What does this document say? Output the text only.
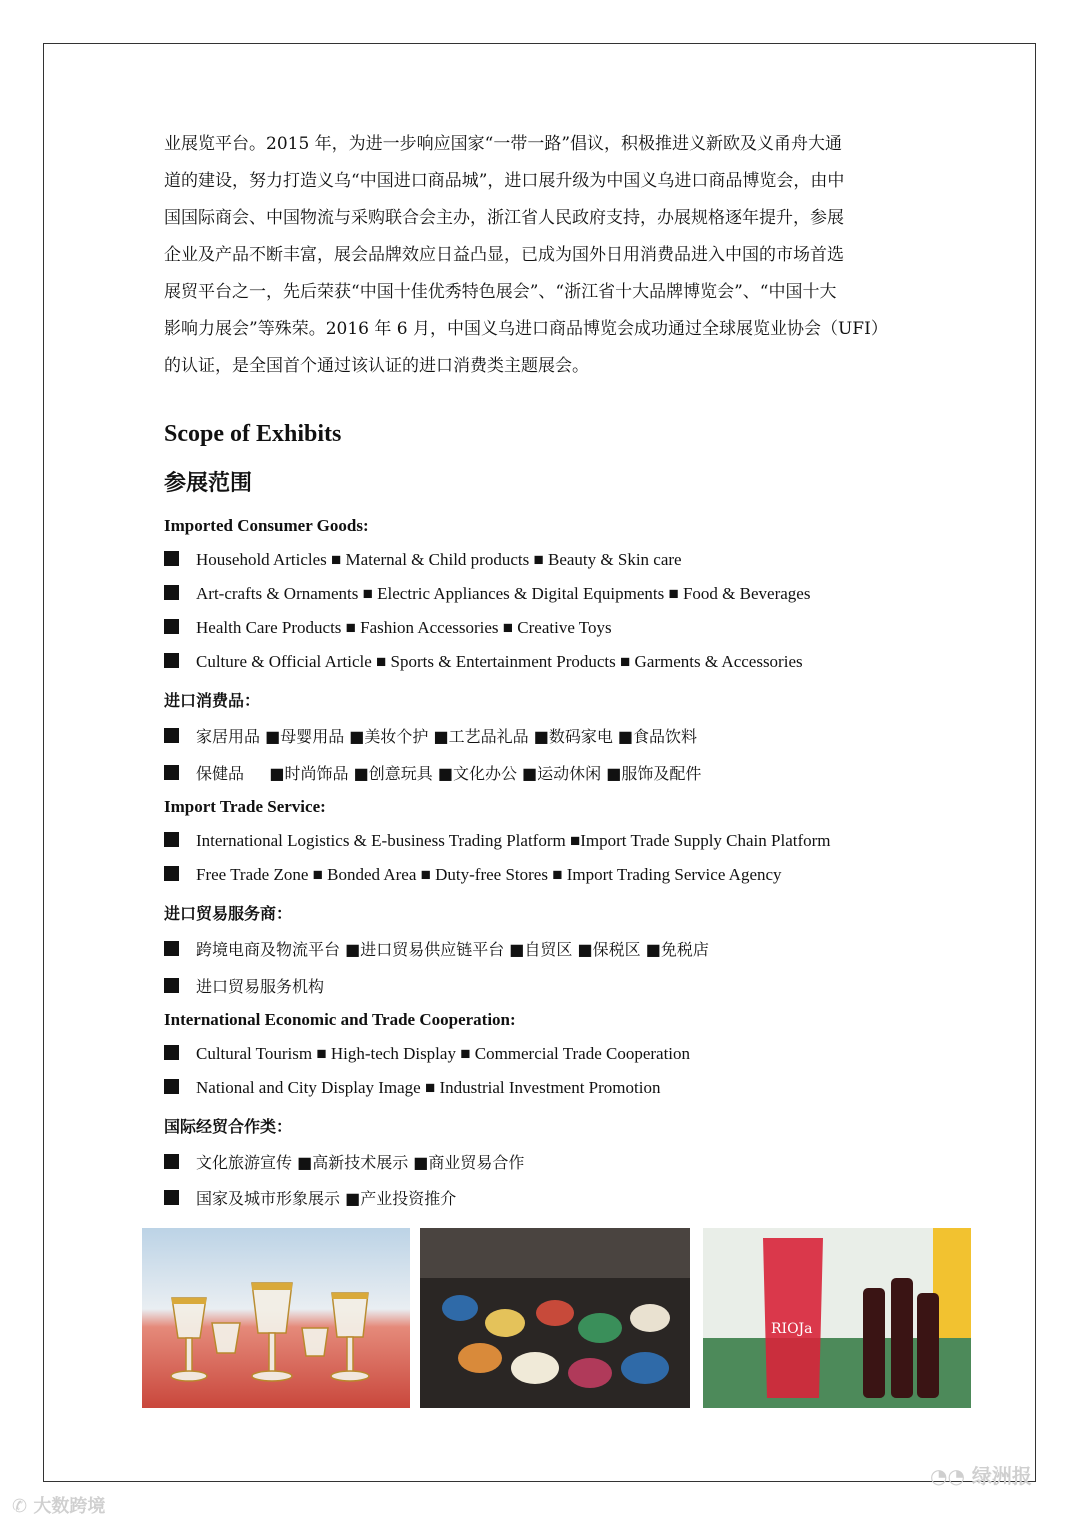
业展览平台。2015 年，为进一步响应国家“一带一路”倡议，积极推进义新欧及义甬舟大通
道的建设，努力打造义乌“中国进口商品城”，进口展升级为中国义乌进口商品博览会，由中
国国际商会、中国物流与采购联合会主办，浙江省人民政府支持，办展规格逐年提升，参展
企业及产品不断丰富，展会品牌效应日益凸显，已成为国外日用消费品进入中国的市场首选
展贸平台之一，先后荣获“中国十佳优秀特色展会”、“浙江省十大品牌博览会”、“中国十大
影响力展会”等殊荣。2016 年 6 月，中国义乌进口商品博览会成功通过全球展览业协会（UFI）
的认证，是全国首个通过该认证的进口消费类主题展会。

Scope of Exhibits
参展范围

Imported Consumer Goods:

Household Articles ■ Maternal & Child products ■ Beauty & Skin care

Art-crafts & Ornaments ■ Electric Appliances & Digital Equipments ■ Food & Beverages

Health Care Products ■ Fashion Accessories ■ Creative Toys

Culture & Official Article ■ Sports & Entertainment Products ■ Garments & Accessories

进口消费品：

家居用品 ■母婴用品 ■美妆个护 ■工艺品礼品 ■数码家电 ■食品饮料

保健品     ■时尚饰品 ■创意玩具 ■文化办公 ■运动休闲 ■服饰及配件

Import Trade Service:

International Logistics & E-business Trading Platform ■Import Trade Supply Chain Platform

Free Trade Zone ■ Bonded Area ■ Duty-free Stores ■ Import Trading Service Agency

进口贸易服务商：

跨境电商及物流平台 ■进口贸易供应链平台 ■自贸区 ■保税区 ■免税店

进口贸易服务机构

International Economic and Trade Cooperation:

Cultural Tourism ■ High-tech Display ■ Commercial Trade Cooperation

National and City Display Image ■ Industrial Investment Promotion

国际经贸合作类：

文化旅游宣传 ■高新技术展示 ■商业贸易合作

国家及城市形象展示 ■产业投资推介

RIOJa
◔◔ 绿洲报
✆ 大数跨境
